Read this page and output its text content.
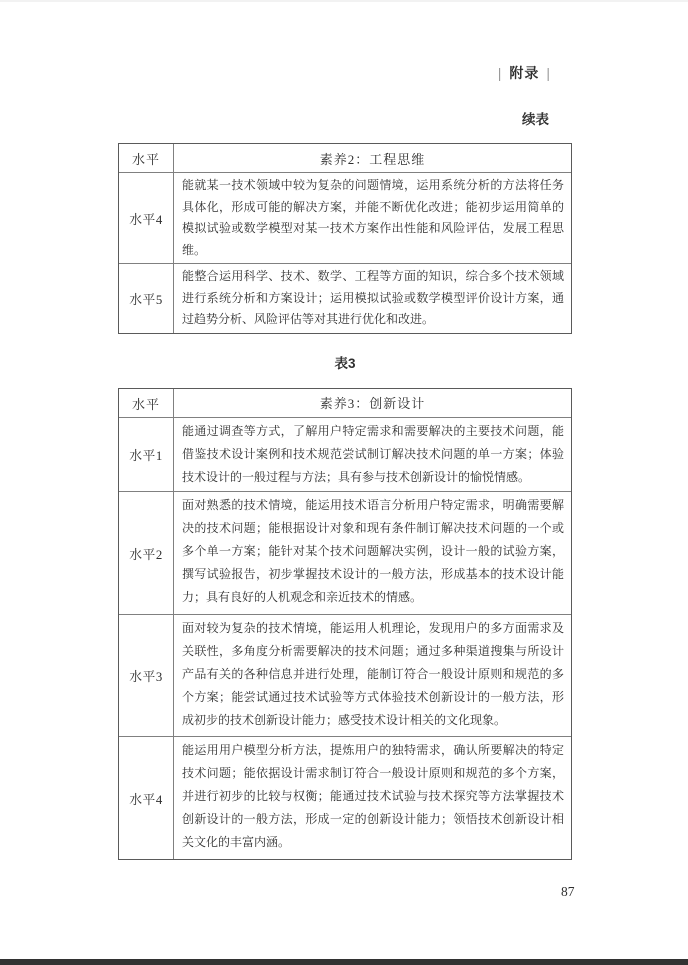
| 附录 |
续表
水平	素养2：工程思维
水平4
能就某一技术领域中较为复杂的问题情境，运用系统分析的方法将任务具体化，形成可能的解决方案，并能不断优化改进；能初步运用简单的模拟试验或数学模型对某一技术方案作出性能和风险评估，发展工程思维。
水平5
能整合运用科学、技术、数学、工程等方面的知识，综合多个技术领域进行系统分析和方案设计；运用模拟试验或数学模型评价设计方案，通过趋势分析、风险评估等对其进行优化和改进。
表3
水平	素养3：创新设计
水平1
能通过调查等方式，了解用户特定需求和需要解决的主要技术问题，能借鉴技术设计案例和技术规范尝试制订解决技术问题的单一方案；体验技术设计的一般过程与方法；具有参与技术创新设计的愉悦情感。
水平2
面对熟悉的技术情境，能运用技术语言分析用户特定需求，明确需要解决的技术问题；能根据设计对象和现有条件制订解决技术问题的一个或多个单一方案；能针对某个技术问题解决实例，设计一般的试验方案，撰写试验报告，初步掌握技术设计的一般方法，形成基本的技术设计能力；具有良好的人机观念和亲近技术的情感。
水平3
面对较为复杂的技术情境，能运用人机理论，发现用户的多方面需求及关联性，多角度分析需要解决的技术问题；通过多种渠道搜集与所设计产品有关的各种信息并进行处理，能制订符合一般设计原则和规范的多个方案；能尝试通过技术试验等方式体验技术创新设计的一般方法，形成初步的技术创新设计能力；感受技术设计相关的文化现象。
水平4
能运用用户模型分析方法，提炼用户的独特需求，确认所要解决的特定技术问题；能依据设计需求制订符合一般设计原则和规范的多个方案，并进行初步的比较与权衡；能通过技术试验与技术探究等方法掌握技术创新设计的一般方法，形成一定的创新设计能力；领悟技术创新设计相关文化的丰富内涵。
87
